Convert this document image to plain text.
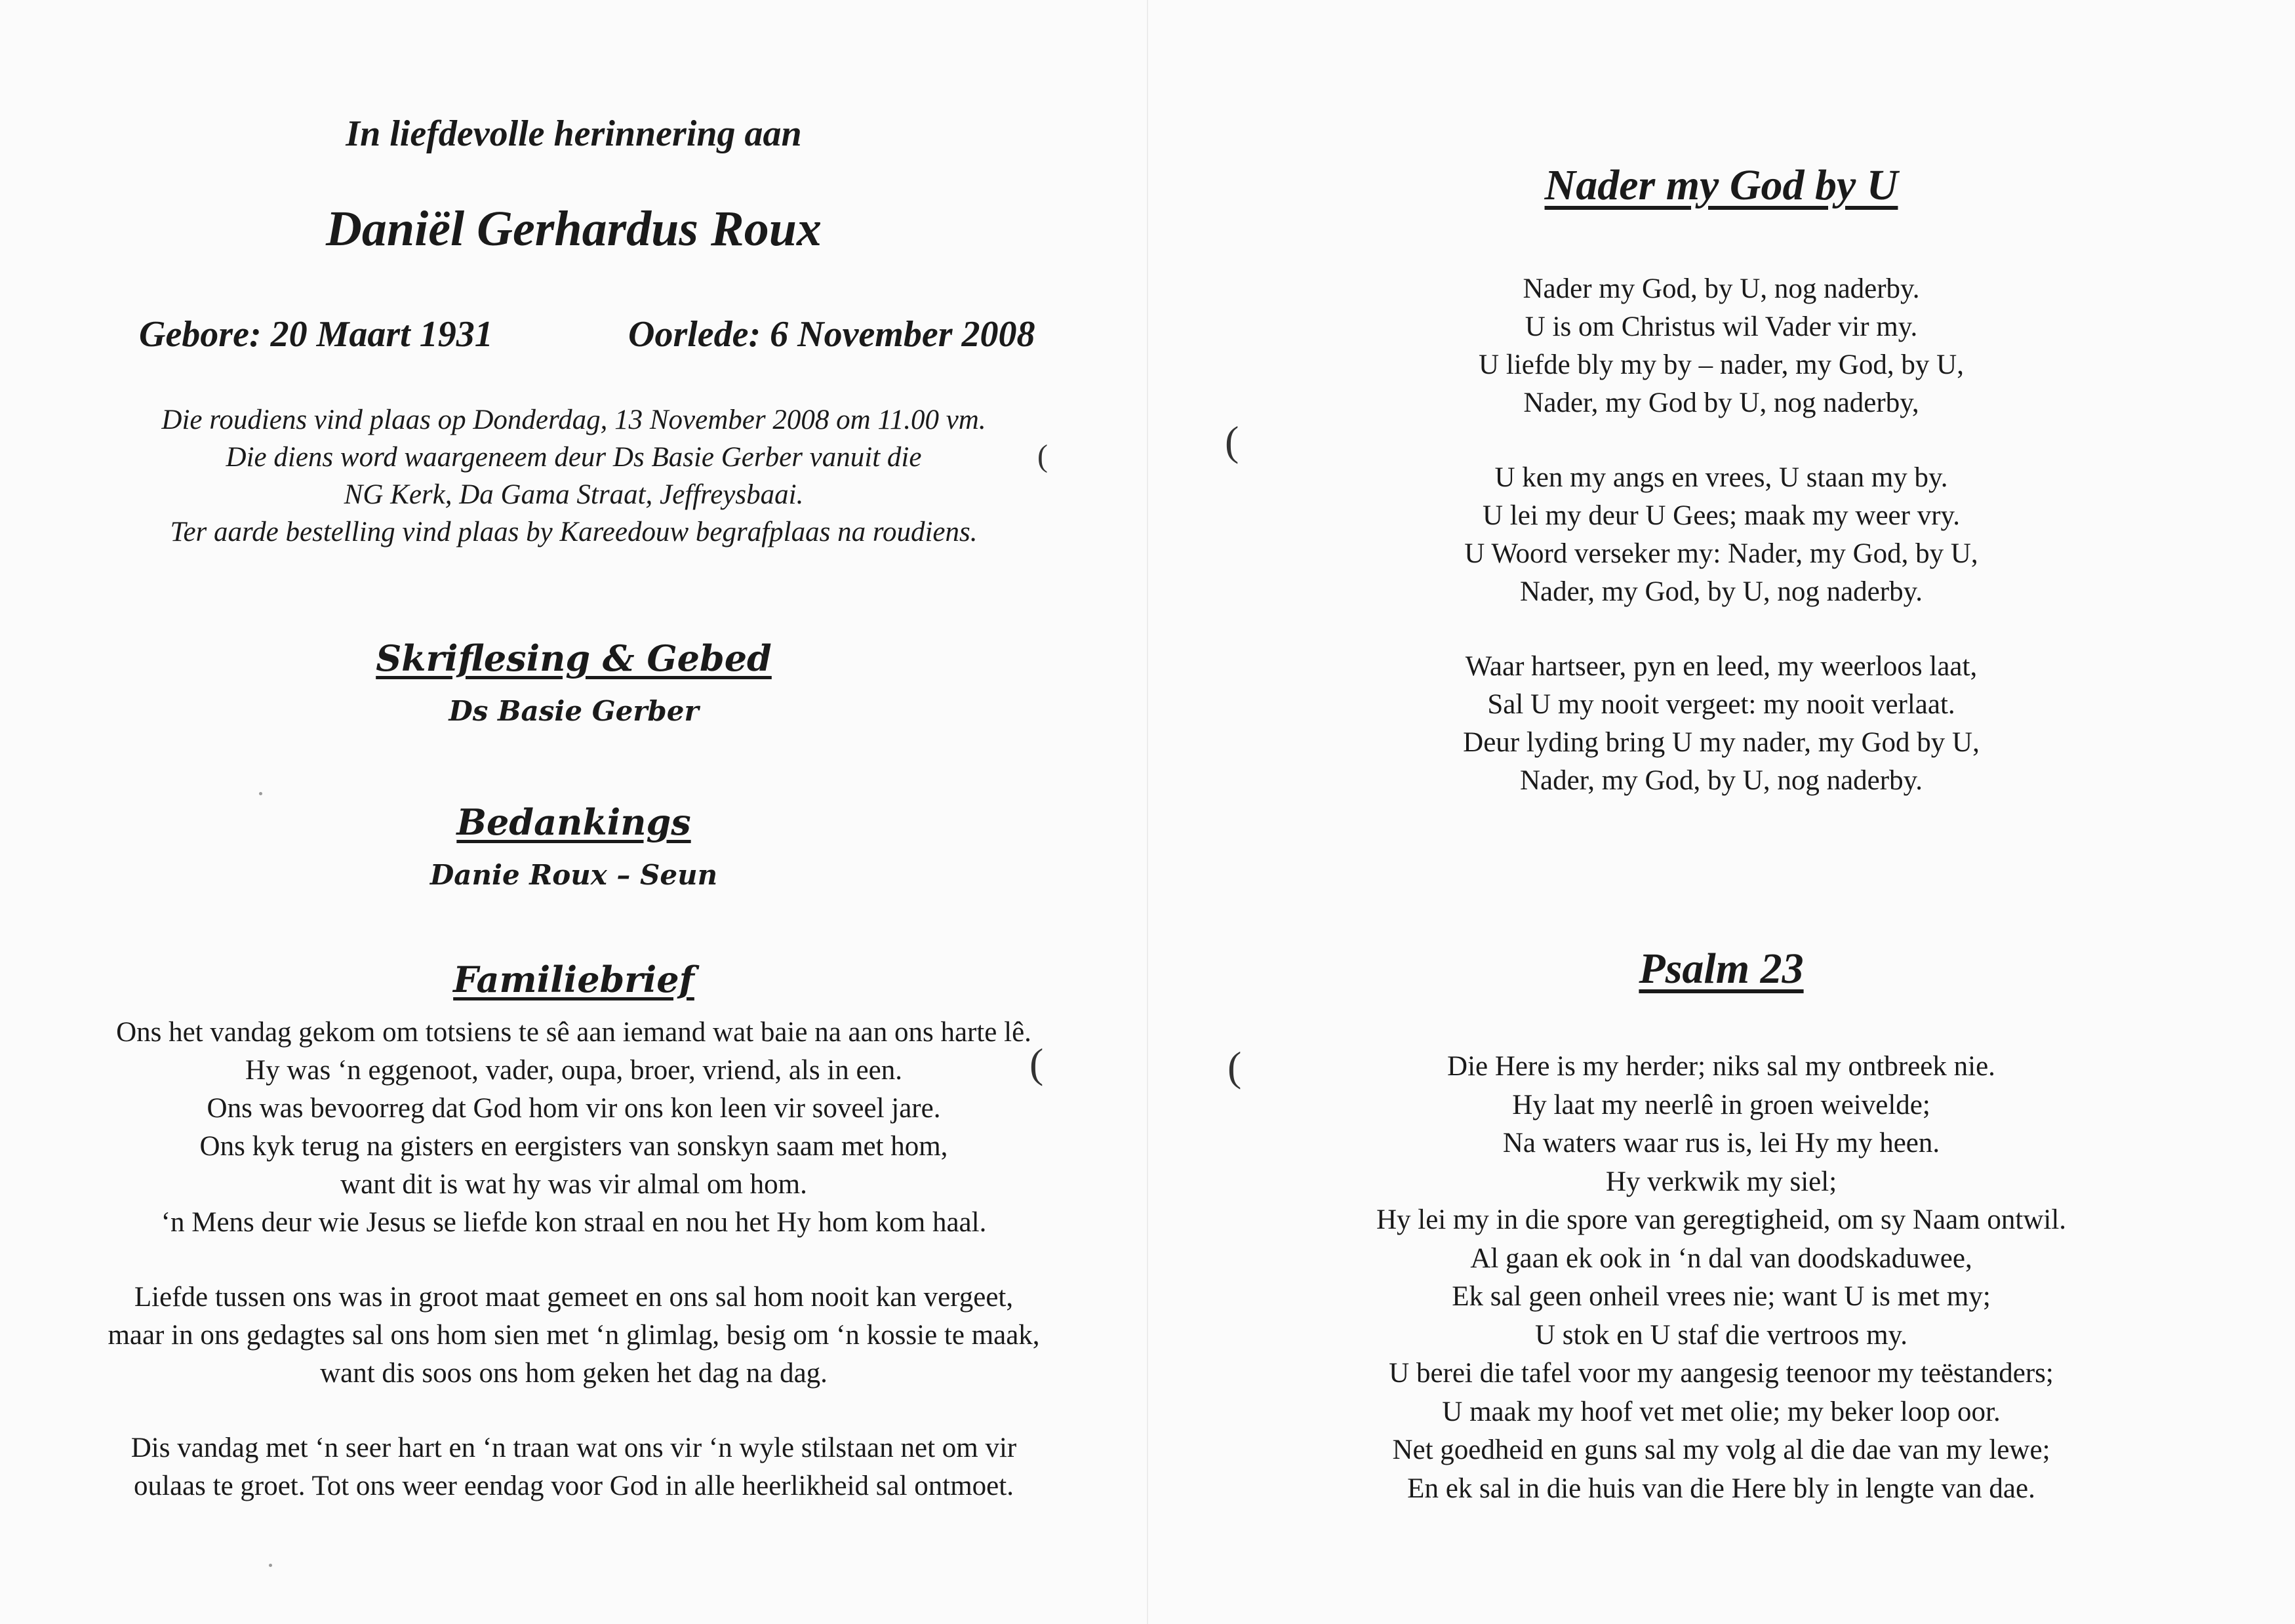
In liefdevolle herinnering aan
Daniël Gerhardus Roux
Gebore: 20 Maart 1931	Oorlede: 6 November 2008
Die roudiens vind plaas op Donderdag, 13 November 2008 om 11.00 vm.
Die diens word waargeneem deur Ds Basie Gerber vanuit die
NG Kerk, Da Gama Straat, Jeffreysbaai.
Ter aarde bestelling vind plaas by Kareedouw begrafplaas na roudiens.
Skriflesing & Gebed
Ds Basie Gerber
Bedankings
Danie Roux – Seun
Familiebrief

Ons het vandag gekom om totsiens te sê aan iemand wat baie na aan ons harte lê.
Hy was ‘n eggenoot, vader, oupa, broer, vriend, als in een.
Ons was bevoorreg dat God hom vir ons kon leen vir soveel jare.
Ons kyk terug na gisters en eergisters van sonskyn saam met hom,
want dit is wat hy was vir almal om hom.
‘n Mens deur wie Jesus se liefde kon straal en nou het Hy hom kom haal.

Liefde tussen ons was in groot maat gemeet en ons sal hom nooit kan vergeet,
maar in ons gedagtes sal ons hom sien met ‘n glimlag, besig om ‘n kossie te maak,
want dis soos ons hom geken het dag na dag.

Dis vandag met ‘n seer hart en ‘n traan wat ons vir ‘n wyle stilstaan net om vir
oulaas te groet. Tot ons weer eendag voor God in alle heerlikheid sal ontmoet.

Nader my God by U

Nader my God, by U, nog naderby.
U is om Christus wil Vader vir my.
U liefde bly my by – nader, my God, by U,
Nader, my God by U, nog naderby,

U ken my angs en vrees, U staan my by.
U lei my deur U Gees; maak my weer vry.
U Woord verseker my: Nader, my God, by U,
Nader, my God, by U, nog naderby.

Waar hartseer, pyn en leed, my weerloos laat,
Sal U my nooit vergeet: my nooit verlaat.
Deur lyding bring U my nader, my God by U,
Nader, my God, by U, nog naderby.

Psalm 23
Die Here is my herder; niks sal my ontbreek nie.
Hy laat my neerlê in groen weivelde;
Na waters waar rus is, lei Hy my heen.
Hy verkwik my siel;
Hy lei my in die spore van geregtigheid, om sy Naam ontwil.
Al gaan ek ook in ‘n dal van doodskaduwee,
Ek sal geen onheil vrees nie; want U is met my;
U stok en U staf die vertroos my.
U berei die tafel voor my aangesig teenoor my teëstanders;
U maak my hoof vet met olie; my beker loop oor.
Net goedheid en guns sal my volg al die dae van my lewe;
En ek sal in die huis van die Here bly in lengte van dae.
(
(
(
(
